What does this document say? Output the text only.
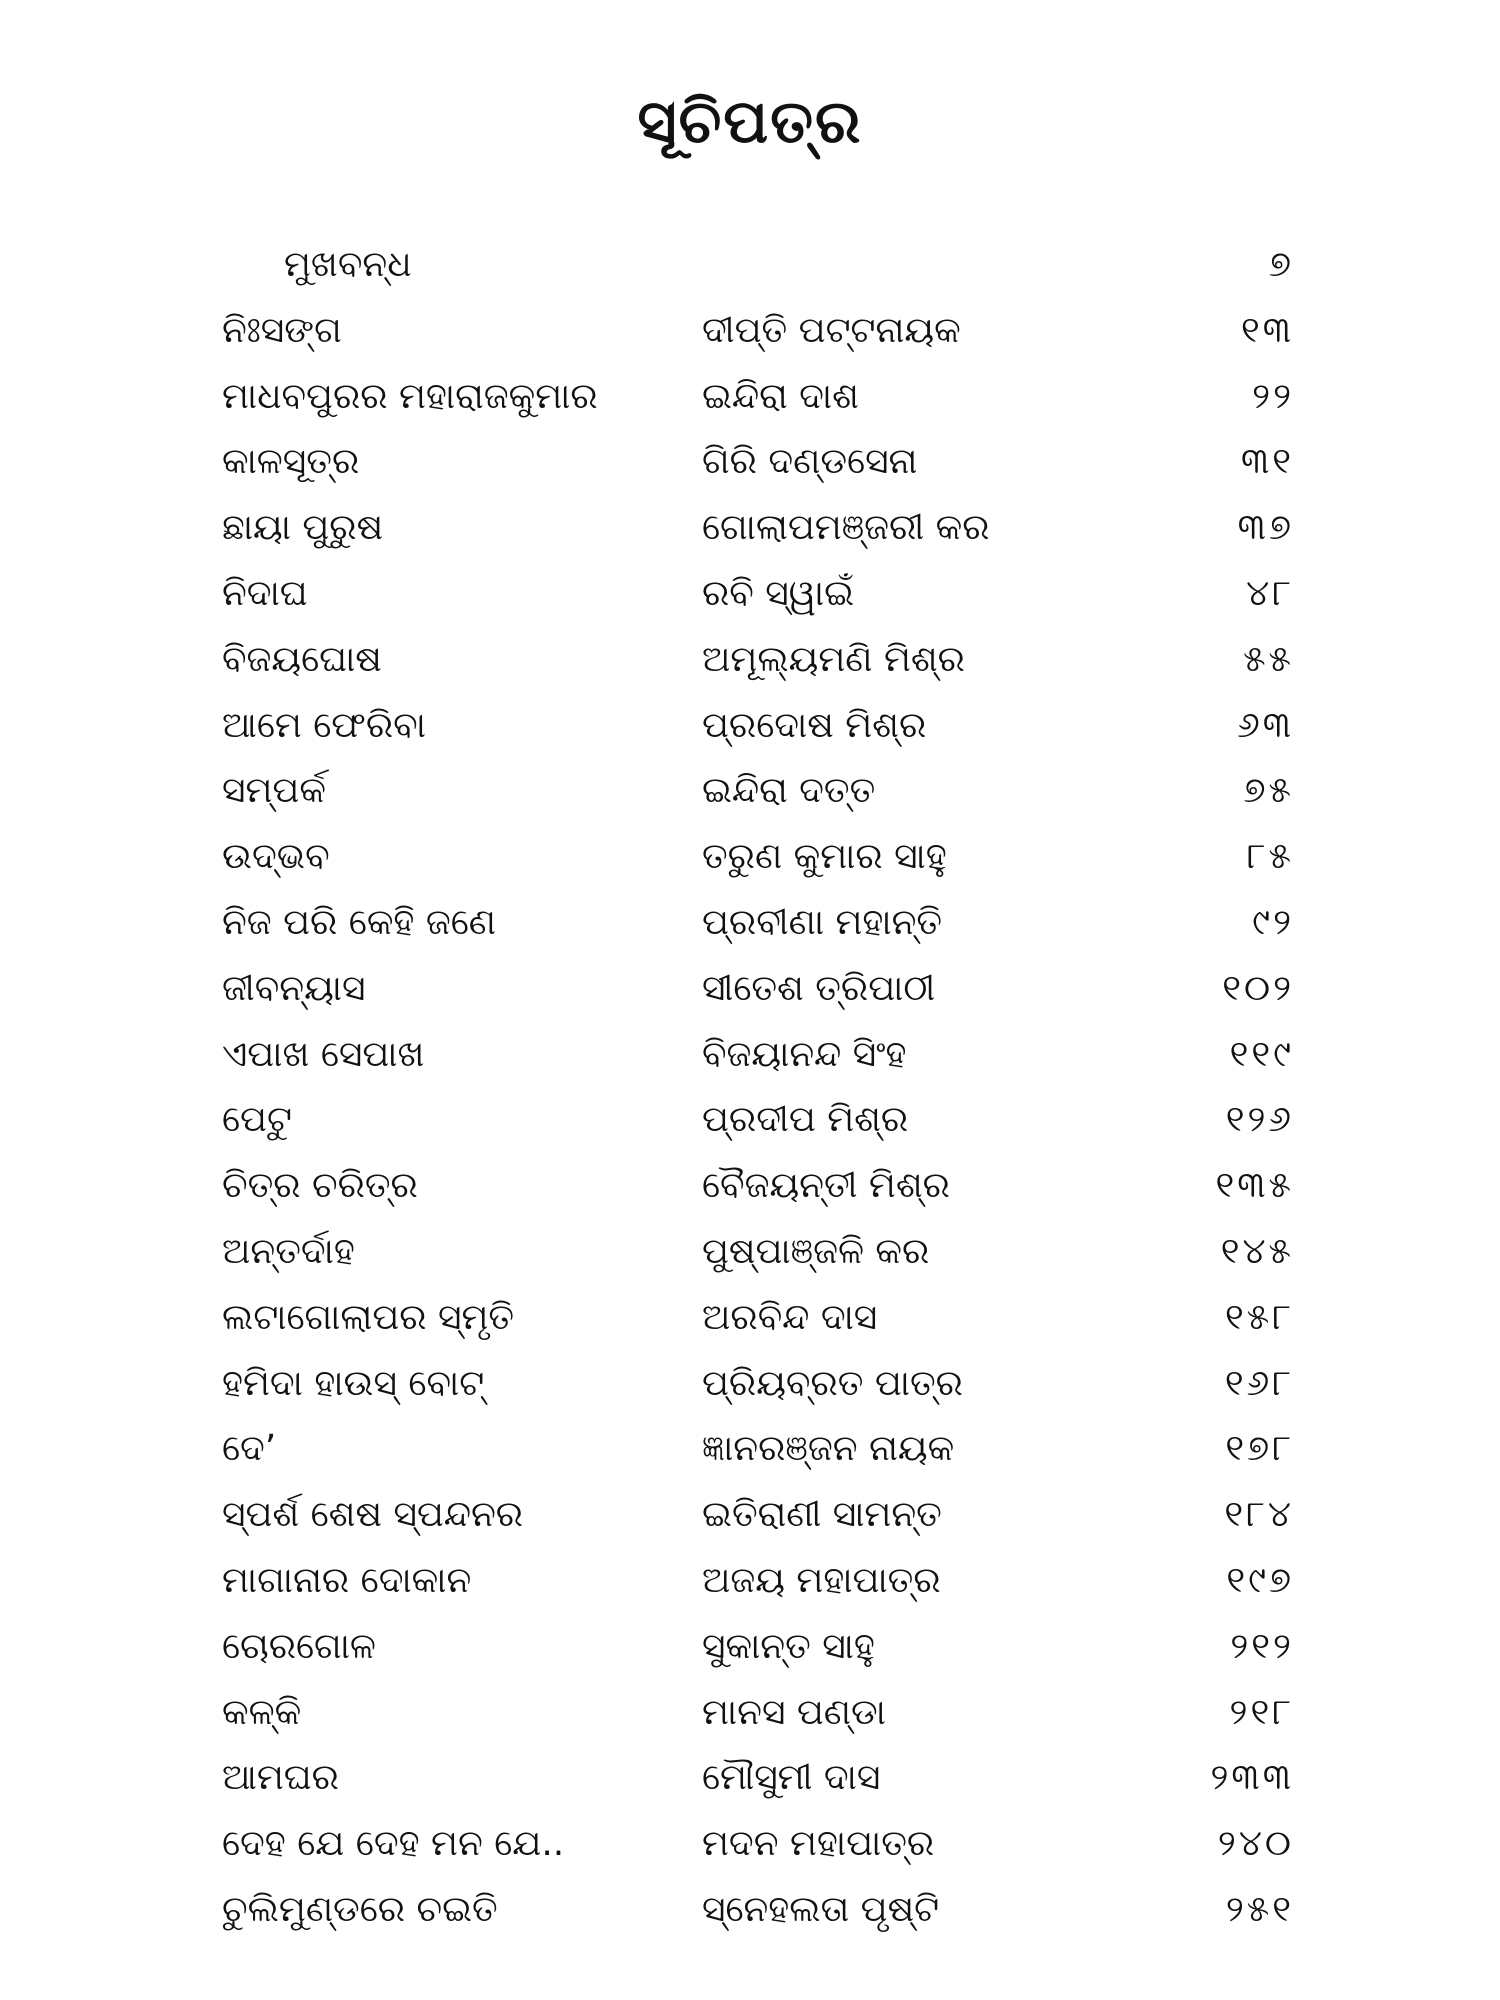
ସୂଚିପତ୍ର
ମୁଖବନ୍ଧ	୭
ନିଃସଙ୍ଗ	ଦୀପ୍ତି ପଟ୍ଟନାୟକ	୧୩
ମାଧବପୁରର ମହାରାଜକୁମାର	ଇନ୍ଦିରା ଦାଶ	୨୨
କାଳସୂତ୍ର	ଗିରି ଦଣ୍ଡସେନା	୩୧
ଛାୟା ପୁରୁଷ	ଗୋଲାପମଞ୍ଜରୀ କର	୩୭
ନିଦାଘ	ରବି ସ୍ୱାଇଁ	୪୮
ବିଜୟଘୋଷ	ଅମୂଲ୍ୟମଣି ମିଶ୍ର	୫୫
ଆମେ ଫେରିବା	ପ୍ରଦୋଷ ମିଶ୍ର	୬୩
ସମ୍ପର୍କ	ଇନ୍ଦିରା ଦତ୍ତ	୭୫
ଉଦ୍ଭବ	ତରୁଣ କୁମାର ସାହୁ	୮୫
ନିଜ ପରି କେହି ଜଣେ	ପ୍ରବୀଣା ମହାନ୍ତି	୯୨
ଜୀବନ୍ୟାସ	ସୀତେଶ ତ୍ରିପାଠୀ	୧୦୨
ଏପାଖ ସେପାଖ	ବିଜୟାନନ୍ଦ ସିଂହ	୧୧୯
ପେଟୁ	ପ୍ରଦୀପ ମିଶ୍ର	୧୨୬
ଚିତ୍ର ଚରିତ୍ର	ବୈଜୟନ୍ତୀ ମିଶ୍ର	୧୩୫
ଅନ୍ତର୍ଦାହ	ପୁଷ୍ପାଞ୍ଜଳି କର	୧୪୫
ଲଟାଗୋଲାପର ସ୍ମୃତି	ଅରବିନ୍ଦ ଦାସ	୧୫୮
ହମିଦା ହାଉସ୍ ବୋଟ୍	ପ୍ରିୟବ୍ରତ ପାତ୍ର	୧୬୮
ଦେ’	ଜ୍ଞାନରଞ୍ଜନ ନାୟକ	୧୭୮
ସ୍ପର୍ଶ ଶେଷ ସ୍ପନ୍ଦନର	ଇତିରାଣୀ ସାମନ୍ତ	୧୮୪
ମାଗାନାର ଦୋକାନ	ଅଜୟ ମହାପାତ୍ର	୧୯୭
ଚୋରଗୋଳ	ସୁକାନ୍ତ ସାହୁ	୨୧୨
କଳ୍କି	ମାନସ ପଣ୍ଡା	୨୧୮
ଆମଘର	ମୌସୁମୀ ଦାସ	୨୩୩
ଦେହ ଯେ ଦେହ ମନ ଯେ..	ମଦନ ମହାପାତ୍ର	୨୪୦
ଚୁଲିମୁଣ୍ଡରେ ଚଇତି	ସ୍ନେହଲତା ପୃଷ୍ଟି	୨୫୧
